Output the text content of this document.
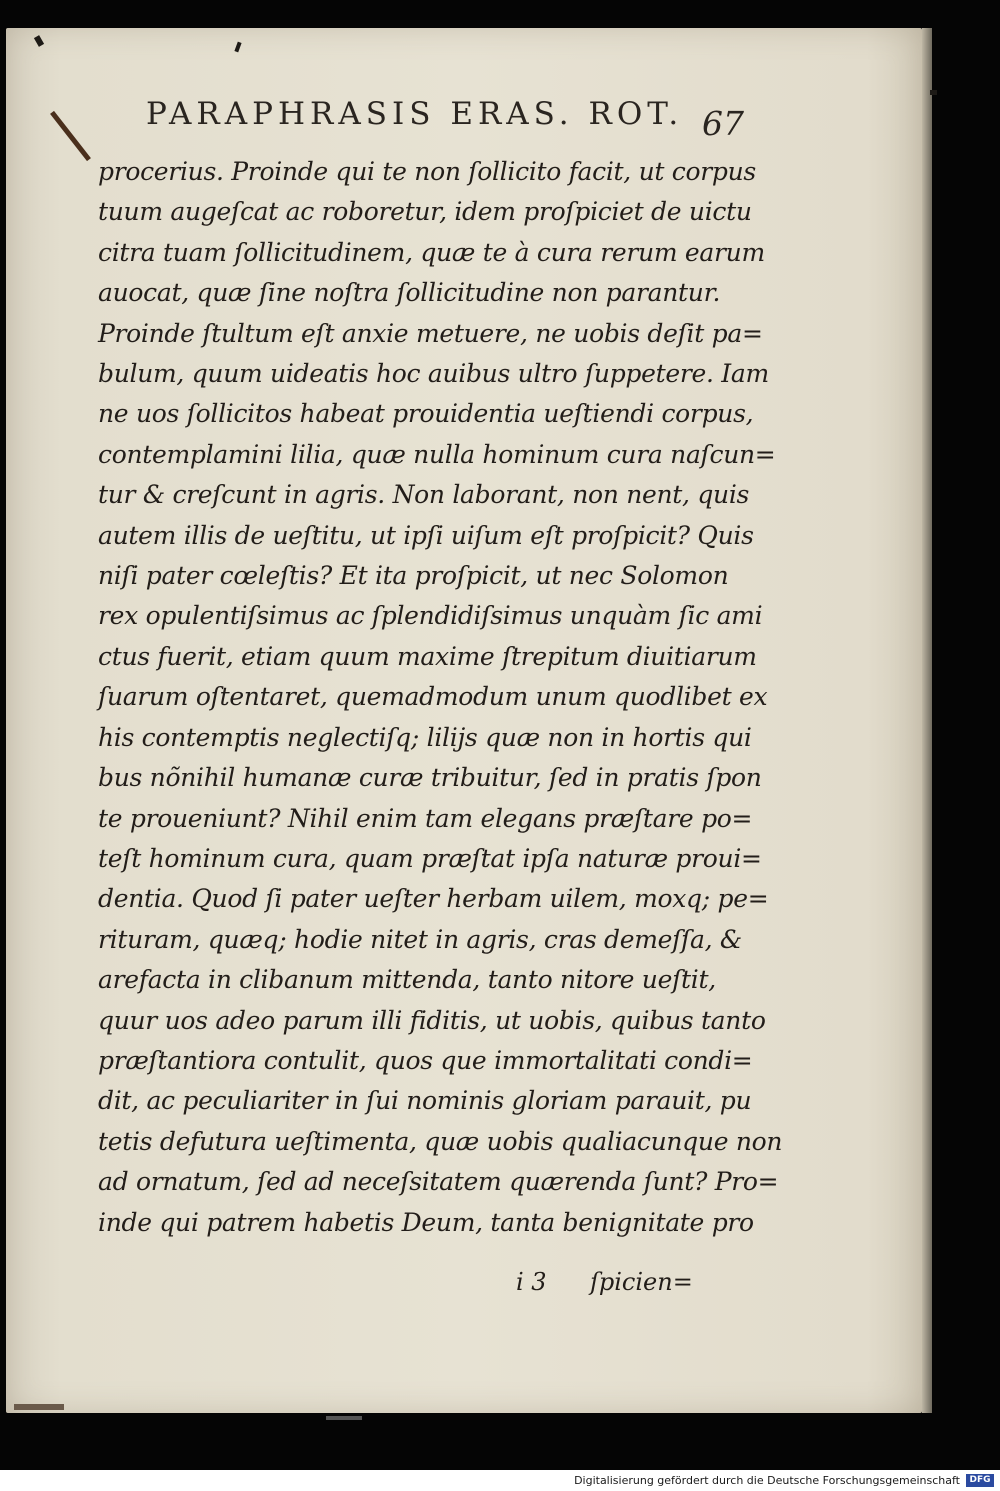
PARAPHRASIS ERAS. ROT. 67
procerius. Proinde qui te non ſollicito facit, ut corpus
tuum augeſcat ac roboretur, idem proſpiciet de uictu
citra tuam ſollicitudinem, quæ te à cura rerum earum
auocat, quæ ſine noſtra ſollicitudine non parantur.
Proinde ſtultum eſt anxie metuere, ne uobis deſit pa=
bulum, quum uideatis hoc auibus ultro ſuppetere. Iam
ne uos ſollicitos habeat prouidentia ueſtiendi corpus,
contemplamini lilia, quæ nulla hominum cura naſcun=
tur & creſcunt in agris. Non laborant, non nent, quis
autem illis de ueſtitu, ut ipſi uiſum eſt proſpicit? Quis
niſi pater cœleſtis? Et ita proſpicit, ut nec Solomon
rex opulentiſsimus ac ſplendidiſsimus unquàm ſic ami
ctus fuerit, etiam quum maxime ſtrepitum diuitiarum
ſuarum oſtentaret, quemadmodum unum quodlibet ex
his contemptis neglectiſq; lilijs quæ non in hortis qui
bus nõnihil humanæ curæ tribuitur, ſed in pratis ſpon
te proueniunt? Nihil enim tam elegans præſtare po=
teſt hominum cura, quam præſtat ipſa naturæ proui=
dentia. Quod ſi pater ueſter herbam uilem, moxq; pe=
rituram, quæq; hodie nitet in agris, cras demeſſa, &
arefacta in clibanum mittenda, tanto nitore ueſtit,
quur uos adeo parum illi fiditis, ut uobis, quibus tanto
præſtantiora contulit, quos que immortalitati condi=
dit, ac peculiariter in ſui nominis gloriam parauit, pu
tetis defutura ueſtimenta, quæ uobis qualiacunque non
ad ornatum, ſed ad neceſsitatem quærenda ſunt? Pro=
inde qui patrem habetis Deum, tanta benignitate pro
i 3 ſpicien=
Digitalisierung gefördert durch die Deutsche Forschungsgemeinschaft	DFG
